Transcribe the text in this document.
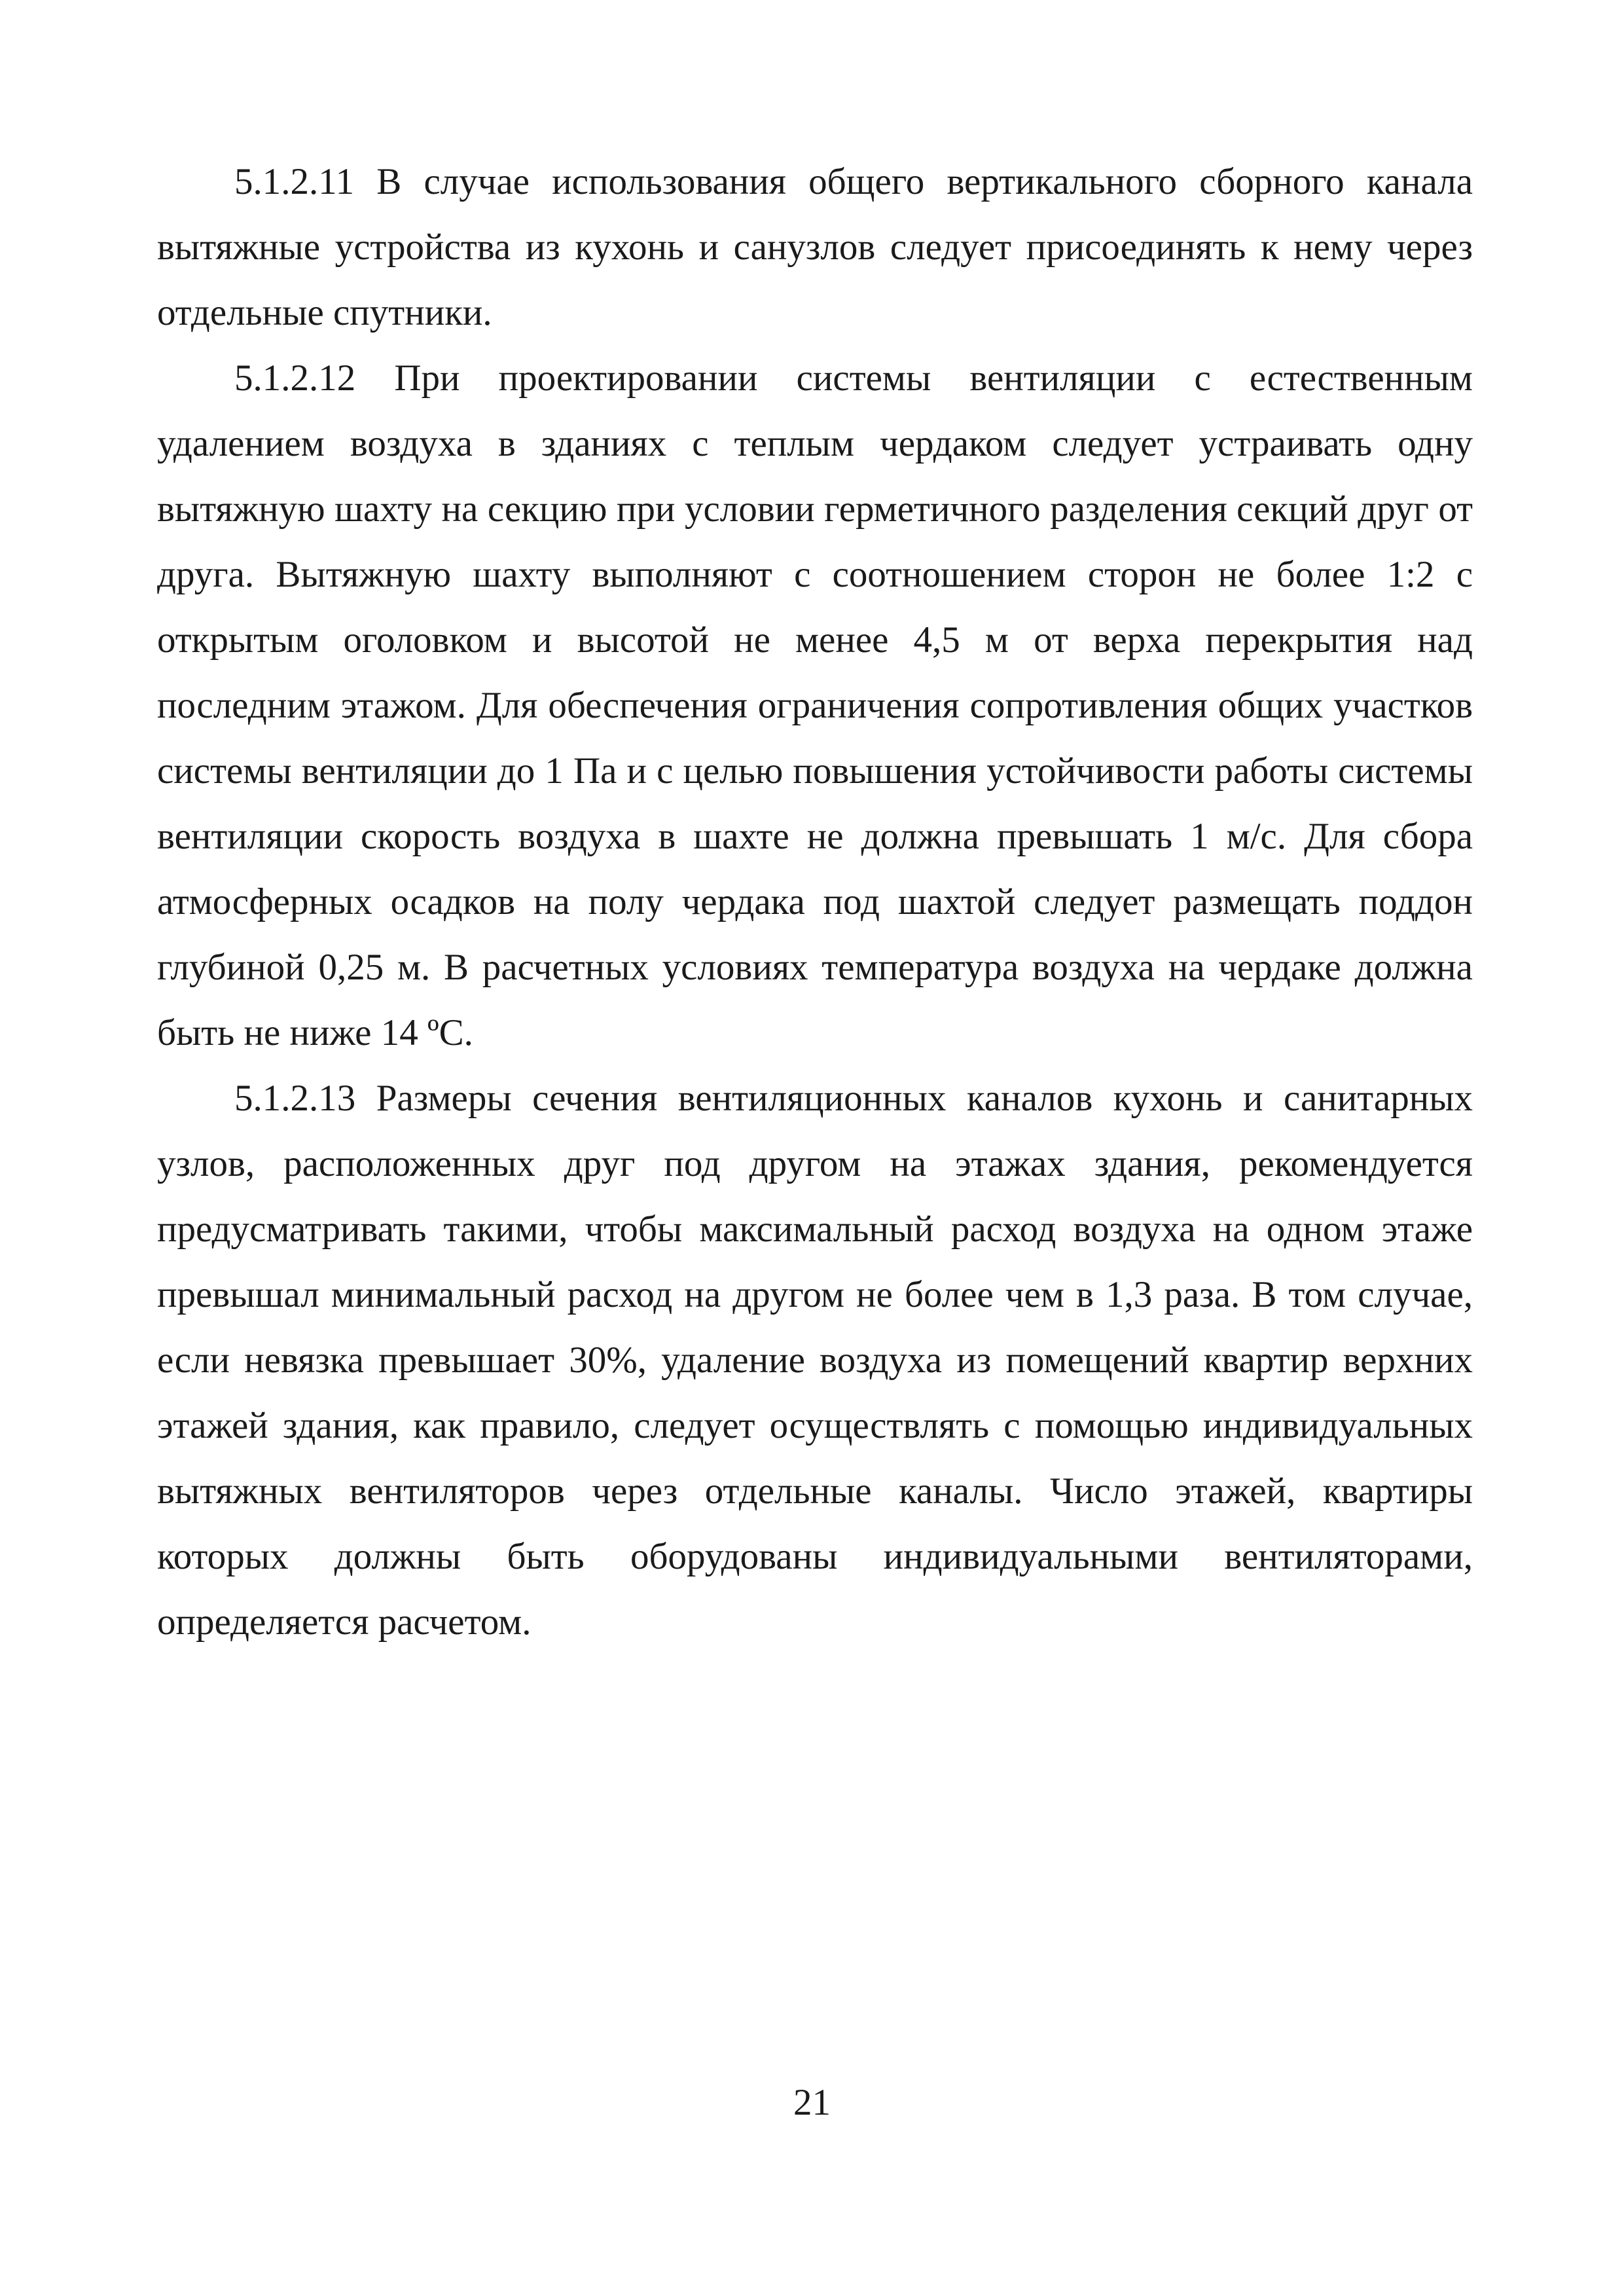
5.1.2.11 В случае использования общего вертикального сборного канала вытяжные устройства из кухонь и санузлов следует присоединять к нему через отдельные спутники.

5.1.2.12 При проектировании системы вентиляции с естественным удалением воздуха в зданиях с теплым чердаком следует устраивать одну вытяжную шахту на секцию при условии герметичного разделения секций друг от друга. Вытяжную шахту выполняют с соотношением сторон не более 1:2 с открытым оголовком и высотой не менее 4,5 м от верха перекрытия над последним этажом. Для обеспечения ограничения сопротивления общих участков системы вентиляции до 1 Па и с целью повышения устойчивости работы системы вентиляции скорость воздуха в шахте не должна превышать 1 м/с. Для сбора атмосферных осадков на полу чердака под шахтой следует размещать поддон глубиной 0,25 м. В расчетных условиях температура воздуха на чердаке должна быть не ниже 14 ºС.

5.1.2.13 Размеры сечения вентиляционных каналов кухонь и санитарных узлов, расположенных друг под другом на этажах здания, рекомендуется предусматривать такими, чтобы максимальный расход воздуха на одном этаже превышал минимальный расход на другом не более чем в 1,3 раза. В том случае, если невязка превышает 30%, удаление воздуха из помещений квартир верхних этажей здания, как правило, следует осуществлять с помощью индивидуальных вытяжных вентиляторов через отдельные каналы. Число этажей, квартиры которых должны быть оборудованы индивидуальными вентиляторами, определяется расчетом.

21
